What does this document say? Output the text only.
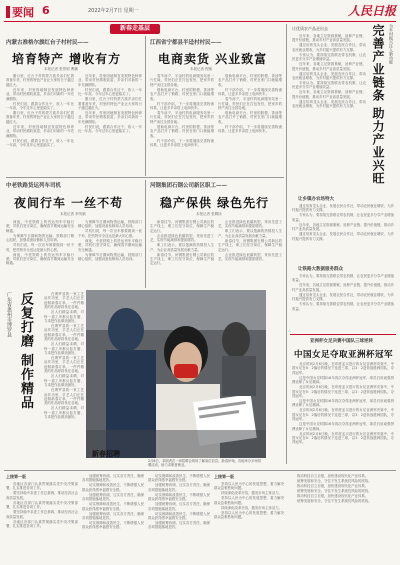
要闻 6	2022年2月7日 星期一	人民日报
新春走基层
内蒙古准格尔旗红台子村村民——
培育特产 增收有方
本报记者 张景明 曹鹏

腊月里，红台子村的蒙古族乡亲们忙着准备年货，村里的特色产业让大家的日子越过越红火。

近年来，村里因地制宜发展特色种养业，带动村民增收致富，乡亲们对新的一年充满期待。

村民们说，跟着合作社干，收入一年比一年高，今年过年心里更踏实了。

腊月里，红台子村的蒙古族乡亲们忙着准备年货，村里的特色产业让大家的日子越过越红火。

近年来，村里因地制宜发展特色种养业，带动村民增收致富，乡亲们对新的一年充满期待。

村民们说，跟着合作社干，收入一年比一年高，今年过年心里更踏实了。

近年来，村里因地制宜发展特色种养业，带动村民增收致富，乡亲们对新的一年充满期待。

村民们说，跟着合作社干，收入一年比一年高，今年过年心里更踏实了。

腊月里，红台子村的蒙古族乡亲们忙着准备年货，村里的特色产业让大家的日子越过越红火。

近年来，村里因地制宜发展特色种养业，带动村民增收致富，乡亲们对新的一年充满期待。

村民们说，跟着合作社干，收入一年比一年高，今年过年心里更踏实了。

江西省宁都县半迳村村民——
电商卖货 兴业致富
本报记者 程焕

春节前夕，半迳村的电商服务站里一片忙碌，村民们正在打包发货，把家乡的特产卖往全国各地。

借助电商平台，村里的脐橙、茶油等农产品打开了销路，村民在家门口就能增收。

村干部介绍，下一步将继续完善物流体系，让更多乡亲搭上电商快车。

春节前夕，半迳村的电商服务站里一片忙碌，村民们正在打包发货，把家乡的特产卖往全国各地。

借助电商平台，村里的脐橙、茶油等农产品打开了销路，村民在家门口就能增收。

村干部介绍，下一步将继续完善物流体系，让更多乡亲搭上电商快车。

借助电商平台，村里的脐橙、茶油等农产品打开了销路，村民在家门口就能增收。

村干部介绍，下一步将继续完善物流体系，让更多乡亲搭上电商快车。

春节前夕，半迳村的电商服务站里一片忙碌，村民们正在打包发货，把家乡的特产卖往全国各地。

借助电商平台，村里的脐橙、茶油等农产品打开了销路，村民在家门口就能增收。

村干部介绍，下一步将继续完善物流体系，让更多乡亲搭上电商快车。

中老铁路货运列车司机
夜间行车 一丝不苟
本报记者 李茂颖

深夜，中老铁路上的货运列车平稳行驶，司机们坚守岗位，确保春节期间运输安全畅通。

为保障节日期间物资运输，铁路部门精心组织，加强设备检修和人员培训。

司机们说，每一次出车都要做到一丝不苟，把货物安全送达是最大的心愿。

深夜，中老铁路上的货运列车平稳行驶，司机们坚守岗位，确保春节期间运输安全畅通。

为保障节日期间物资运输，铁路部门精心组织，加强设备检修和人员培训。

司机们说，每一次出车都要做到一丝不苟，把货物安全送达是最大的心愿。

深夜，中老铁路上的货运列车平稳行驶，司机们坚守岗位，确保春节期间运输安全畅通。

为保障节日期间物资运输，铁路部门精心组织，加强设备检修和人员培训。

河钢集团石钢公司新区职工——
稳产保供 绿色先行
本报记者 张腾扬

新春佳节，河钢集团石钢公司新区的生产线上，职工们坚守岗位，保障生产稳定运行。

企业推进绿色低碳转型，采用先进工艺，实现节能减排和提质增效。

职工们表示，要以饱满的热情投入生产，为企业高质量发展贡献力量。

新春佳节，河钢集团石钢公司新区的生产线上，职工们坚守岗位，保障生产稳定运行。

企业推进绿色低碳转型，采用先进工艺，实现节能减排和提质增效。

职工们表示，要以饱满的热情投入生产，为企业高质量发展贡献力量。

新春佳节，河钢集团石钢公司新区的生产线上，职工们坚守岗位，保障生产稳定运行。

企业推进绿色低碳转型，采用先进工艺，实现节能减排和提质增效。

广东省惠州市博罗县 反复打磨 制作精品	在博罗县的一家工艺品作坊里，手艺人们正在赶制新春订单，一件件精美的作品即将发往各地。

匠人们精益求精，对每一道工序都反复打磨，力求把作品做到最好。

在博罗县的一家工艺品作坊里，手艺人们正在赶制新春订单，一件件精美的作品即将发往各地。

匠人们精益求精，对每一道工序都反复打磨，力求把作品做到最好。

在博罗县的一家工艺品作坊里，手艺人们正在赶制新春订单，一件件精美的作品即将发往各地。

匠人们精益求精，对每一道工序都反复打磨，力求把作品做到最好。

在博罗县的一家工艺品作坊里，手艺人们正在赶制新春订单，一件件精美的作品即将发往各地。

匠人们精益求精，对每一道工序都反复打磨，力求把作品做到最好。

新春招聘
2月6日，求职者在一场招聘会现场了解岗位信息。新春伊始，各地举办多场招聘活动，助力求职者就业。
让优质农产品走出去	完善产业链条 助力产业兴旺	为乡村振兴注入新动能

近年来，各地立足资源禀赋，延伸产业链、提升价值链，推动乡村产业高质量发展。

通过培育龙头企业、发展农民合作社，带动农民就业增收，为乡村振兴提供有力支撑。

专家认为，要持续完善联农带农机制，让农民更多分享产业增值收益。

近年来，各地立足资源禀赋，延伸产业链、提升价值链，推动乡村产业高质量发展。

通过培育龙头企业、发展农民合作社，带动农民就业增收，为乡村振兴提供有力支撑。

专家认为，要持续完善联农带农机制，让农民更多分享产业增值收益。

近年来，各地立足资源禀赋，延伸产业链、提升价值链，推动乡村产业高质量发展。

通过培育龙头企业、发展农民合作社，带动农民就业增收，为乡村振兴提供有力支撑。

让乡镇办农场特大

通过培育龙头企业、发展农民合作社，带动农民就业增收，为乡村振兴提供有力支撑。

专家认为，要持续完善联农带农机制，让农民更多分享产业增值收益。

近年来，各地立足资源禀赋，延伸产业链、提升价值链，推动乡村产业高质量发展。

通过培育龙头企业、发展农民合作社，带动农民就业增收，为乡村振兴提供有力支撑。

让铁路大数据服务群众

专家认为，要持续完善联农带农机制，让农民更多分享产业增值收益。

近年来，各地立足资源禀赋，延伸产业链、提升价值链，推动乡村产业高质量发展。

通过培育龙头企业、发展农民合作社，带动农民就业增收，为乡村振兴提供有力支撑。

专家认为，要持续完善联农带农机制，让农民更多分享产业增值收益。

亚洲杯女足决赛中国队三球逆转
中国女足夺取亚洲杯冠军

北京时间2月6日晚，在印度孟买进行的女足亚洲杯决赛中，中国女足在0：2落后的情况下连进三球，以3：2逆转战胜韩国队，夺得冠军。

这是中国女足时隔16年再次夺得亚洲杯冠军，球员们用顽强拼搏诠释了女足精神。

北京时间2月6日晚，在印度孟买进行的女足亚洲杯决赛中，中国女足在0：2落后的情况下连进三球，以3：2逆转战胜韩国队，夺得冠军。

这是中国女足时隔16年再次夺得亚洲杯冠军，球员们用顽强拼搏诠释了女足精神。

北京时间2月6日晚，在印度孟买进行的女足亚洲杯决赛中，中国女足在0：2落后的情况下连进三球，以3：2逆转战胜韩国队，夺得冠军。

这是中国女足时隔16年再次夺得亚洲杯冠军，球员们用顽强拼搏诠释了女足精神。

北京时间2月6日晚，在印度孟买进行的女足亚洲杯决赛中，中国女足在0：2落后的情况下连进三球，以3：2逆转战胜韩国队，夺得冠军。

上接第一版

各地区各部门认真贯彻落实党中央决策部署，扎实推进各项工作。

要坚持稳中求进工作总基调，推动经济社会高质量发展。

各地区各部门认真贯彻落实党中央决策部署，扎实推进各项工作。

要坚持稳中求进工作总基调，推动经济社会高质量发展。

各地区各部门认真贯彻落实党中央决策部署，扎实推进各项工作。

加强统筹协调，压实各方责任，确保各项措施落地见效。

切实保障和改善民生，不断增强人民群众获得感幸福感安全感。

加强统筹协调，压实各方责任，确保各项措施落地见效。

切实保障和改善民生，不断增强人民群众获得感幸福感安全感。

加强统筹协调，压实各方责任，确保各项措施落地见效。

切实保障和改善民生，不断增强人民群众获得感幸福感安全感。

切实保障和改善民生，不断增强人民群众获得感幸福感安全感。

加强统筹协调，压实各方责任，确保各项措施落地见效。

切实保障和改善民生，不断增强人民群众获得感幸福感安全感。

加强统筹协调，压实各方责任，确保各项措施落地见效。

切实保障和改善民生，不断增强人民群众获得感幸福感安全感。

加强统筹协调，压实各方责任，确保各项措施落地见效。

上接第一版

坚持以人民为中心的发展思想，着力解决群众急难愁盼问题。

持续深化改革开放，激发市场主体活力。

坚持以人民为中心的发展思想，着力解决群众急难愁盼问题。

持续深化改革开放，激发市场主体活力。

坚持以人民为中心的发展思想，着力解决群众急难愁盼问题。

推动科技自立自强，加快建设现代化产业体系。

统筹发展和安全，守住不发生系统性风险的底线。

推动科技自立自强，加快建设现代化产业体系。

统筹发展和安全，守住不发生系统性风险的底线。

推动科技自立自强，加快建设现代化产业体系。

统筹发展和安全，守住不发生系统性风险的底线。
